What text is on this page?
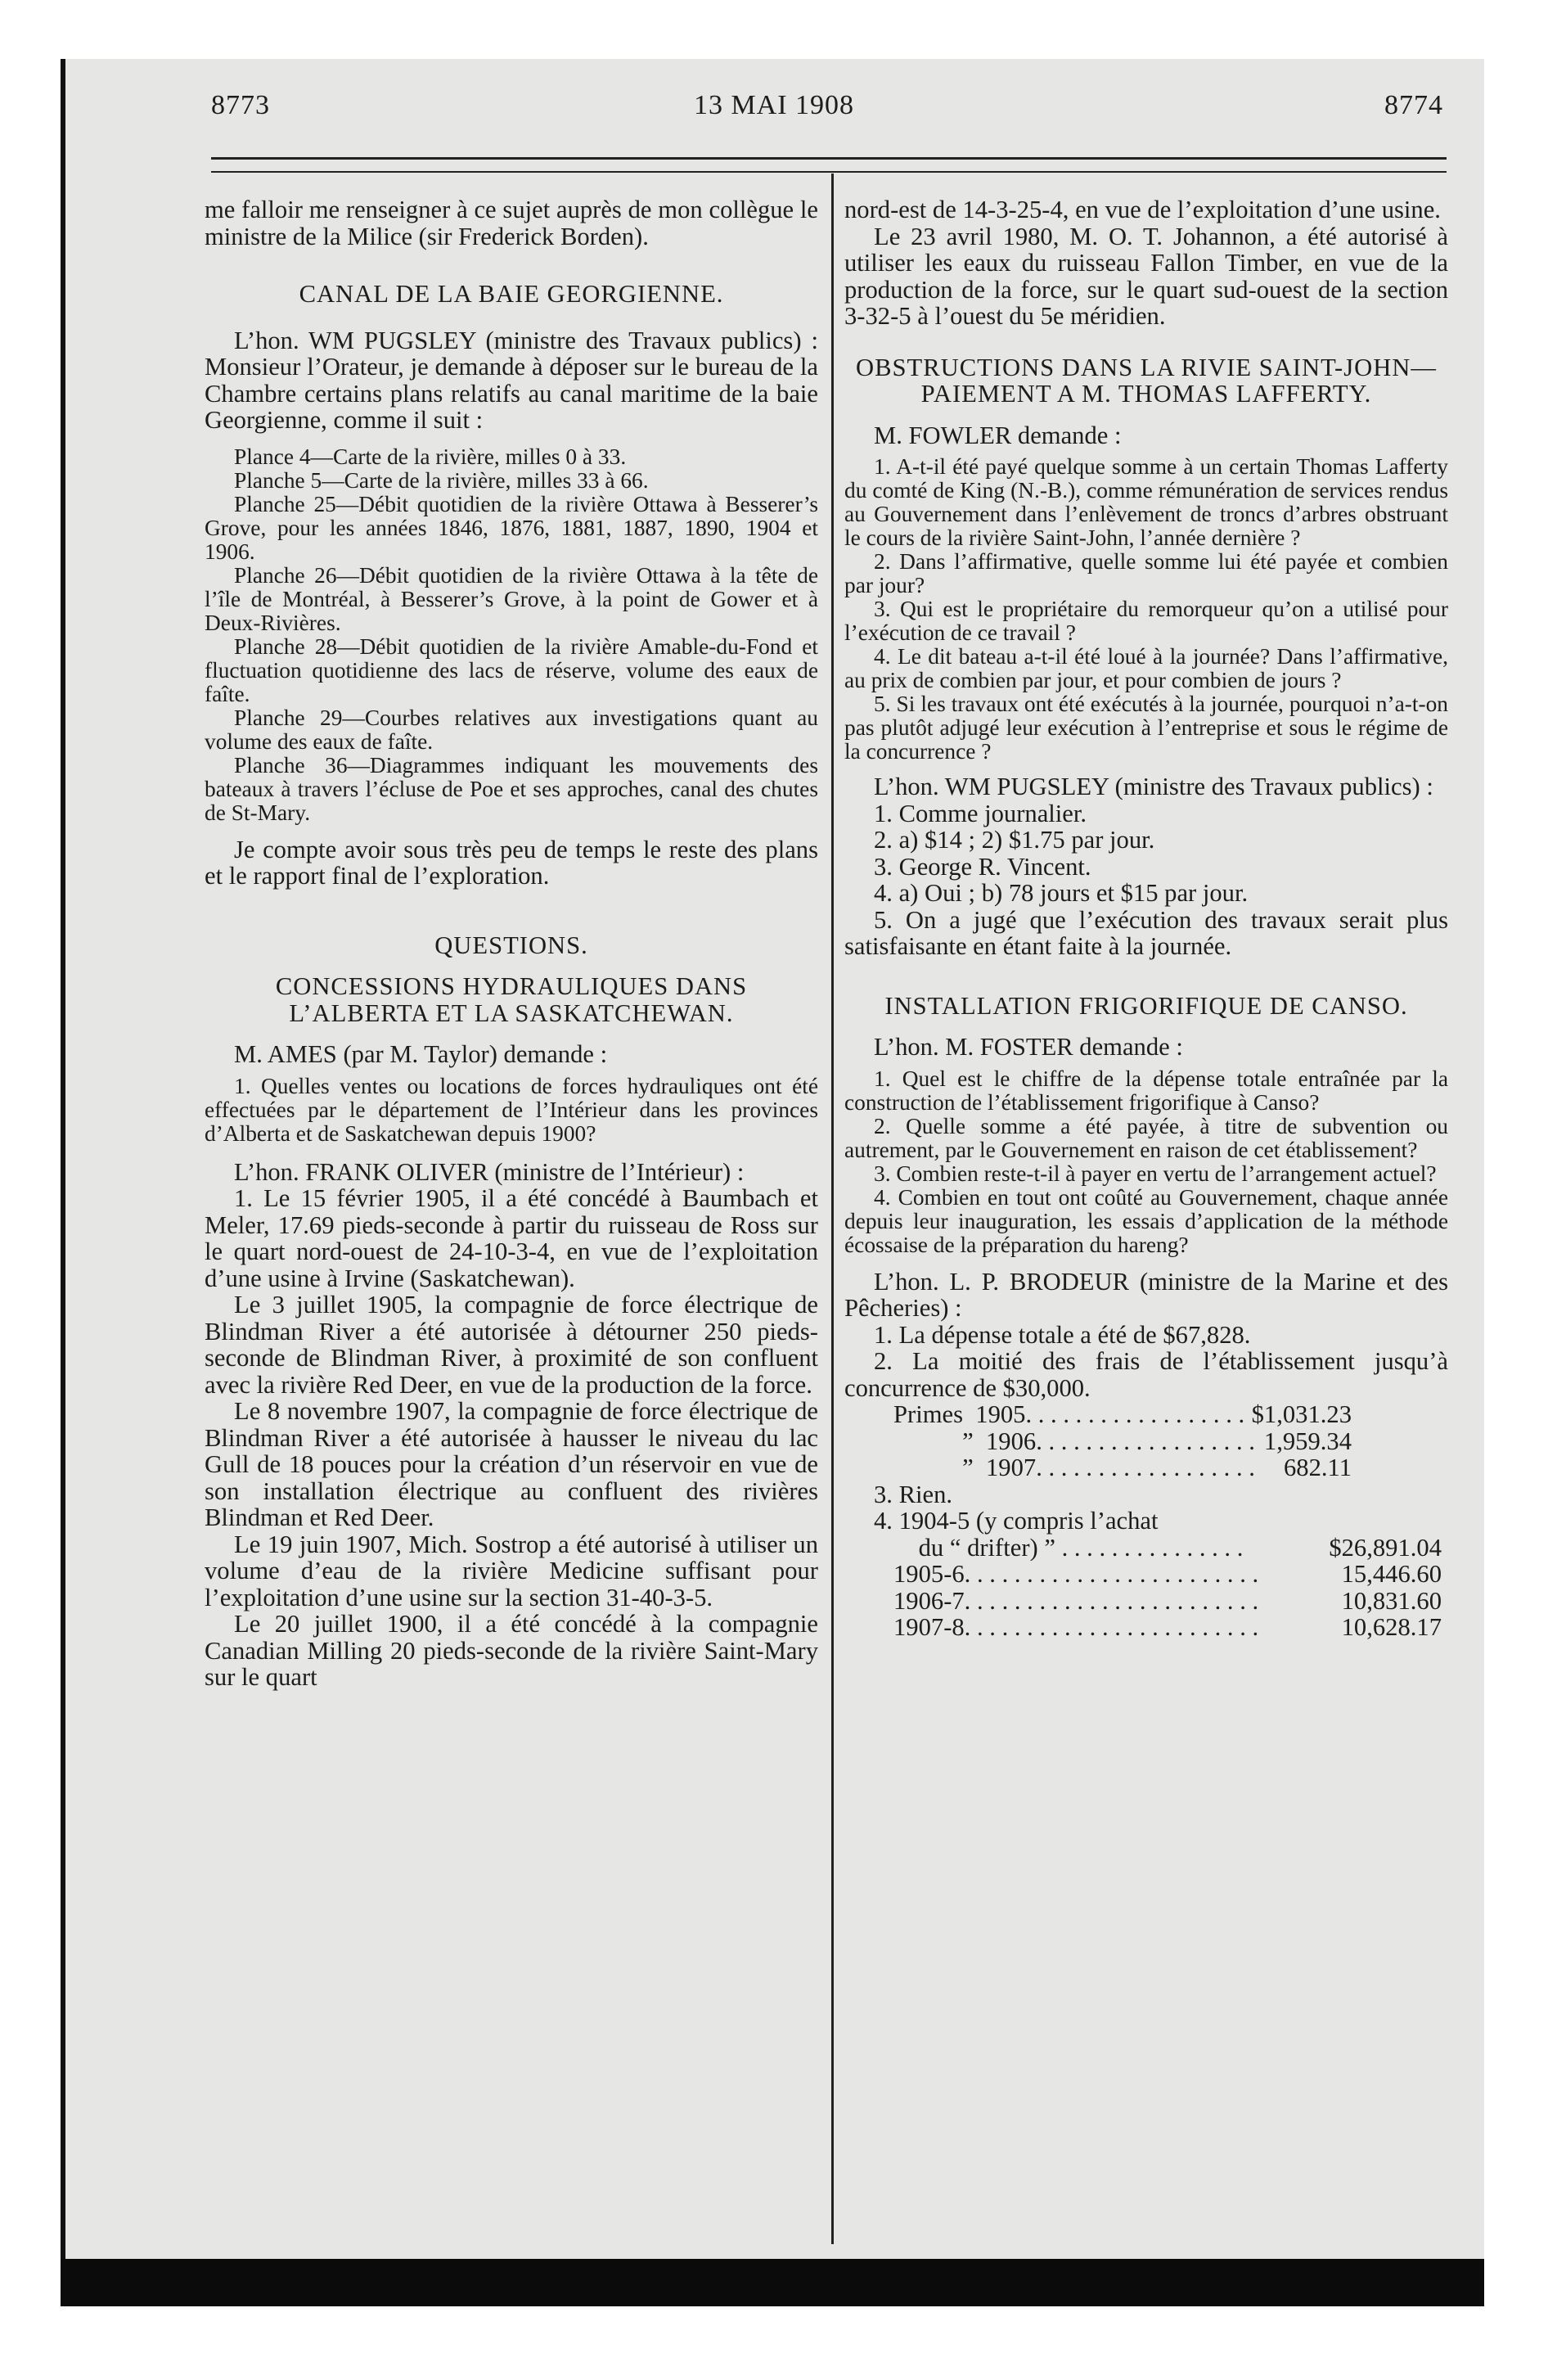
8773	13 MAI 1908	8774

me falloir me renseigner à ce sujet auprès de mon collègue le ministre de la Milice (sir Frederick Borden).

CANAL DE LA BAIE GEORGIENNE.

L’hon. WM PUGSLEY (ministre des Travaux publics) : Monsieur l’Orateur, je demande à déposer sur le bureau de la Chambre certains plans relatifs au canal maritime de la baie Georgienne, comme il suit :

Plance 4—Carte de la rivière, milles 0 à 33.

Planche 5—Carte de la rivière, milles 33 à 66.

Planche 25—Débit quotidien de la rivière Ottawa à Besserer’s Grove, pour les années 1846, 1876, 1881, 1887, 1890, 1904 et 1906.

Planche 26—Débit quotidien de la rivière Ottawa à la tête de l’île de Montréal, à Besserer’s Grove, à la point de Gower et à Deux-Rivières.

Planche 28—Débit quotidien de la rivière Amable-du-Fond et fluctuation quotidienne des lacs de réserve, volume des eaux de faîte.

Planche 29—Courbes relatives aux investigations quant au volume des eaux de faîte.

Planche 36—Diagrammes indiquant les mouvements des bateaux à travers l’écluse de Poe et ses approches, canal des chutes de St-Mary.

Je compte avoir sous très peu de temps le reste des plans et le rapport final de l’exploration.

QUESTIONS.

CONCESSIONS HYDRAULIQUES DANS L’ALBERTA ET LA SASKATCHEWAN.

M. AMES (par M. Taylor) demande :

1. Quelles ventes ou locations de forces hydrauliques ont été effectuées par le département de l’Intérieur dans les provinces d’Alberta et de Saskatchewan depuis 1900?

L’hon. FRANK OLIVER (ministre de l’Intérieur) :

1. Le 15 février 1905, il a été concédé à Baumbach et Meler, 17.69 pieds-seconde à partir du ruisseau de Ross sur le quart nord-ouest de 24-10-3-4, en vue de l’exploitation d’une usine à Irvine (Saskatchewan).

Le 3 juillet 1905, la compagnie de force électrique de Blindman River a été autorisée à détourner 250 pieds-seconde de Blindman River, à proximité de son confluent avec la rivière Red Deer, en vue de la production de la force.

Le 8 novembre 1907, la compagnie de force électrique de Blindman River a été autorisée à hausser le niveau du lac Gull de 18 pouces pour la création d’un réservoir en vue de son installation électrique au confluent des rivières Blindman et Red Deer.

Le 19 juin 1907, Mich. Sostrop a été autorisé à utiliser un volume d’eau de la rivière Medicine suffisant pour l’exploitation d’une usine sur la section 31-40-3-5.

Le 20 juillet 1900, il a été concédé à la compagnie Canadian Milling 20 pieds-seconde de la rivière Saint-Mary sur le quart

nord-est de 14-3-25-4, en vue de l’exploitation d’une usine.

Le 23 avril 1980, M. O. T. Johannon, a été autorisé à utiliser les eaux du ruisseau Fallon Timber, en vue de la production de la force, sur le quart sud-ouest de la section 3-32-5 à l’ouest du 5e méridien.

OBSTRUCTIONS DANS LA RIVIE SAINT-JOHN—PAIEMENT A M. THOMAS LAFFERTY.

M. FOWLER demande :

1. A-t-il été payé quelque somme à un certain Thomas Lafferty du comté de King (N.-B.), comme rémunération de services rendus au Gouvernement dans l’enlèvement de troncs d’arbres obstruant le cours de la rivière Saint-John, l’année dernière ?

2. Dans l’affirmative, quelle somme lui été payée et combien par jour?

3. Qui est le propriétaire du remorqueur qu’on a utilisé pour l’exécution de ce travail ?

4. Le dit bateau a-t-il été loué à la journée? Dans l’affirmative, au prix de combien par jour, et pour combien de jours ?

5. Si les travaux ont été exécutés à la journée, pourquoi n’a-t-on pas plutôt adjugé leur exécution à l’entreprise et sous le régime de la concurrence ?

L’hon. WM PUGSLEY (ministre des Travaux publics) :

1. Comme journalier.

2. a) $14 ; 2) $1.75 par jour.

3. George R. Vincent.

4. a) Oui ; b) 78 jours et $15 par jour.

5. On a jugé que l’exécution des travaux serait plus satisfaisante en étant faite à la journée.

INSTALLATION FRIGORIFIQUE DE CANSO.

L’hon. M. FOSTER demande :

1. Quel est le chiffre de la dépense totale entraînée par la construction de l’établissement frigorifique à Canso?

2. Quelle somme a été payée, à titre de subvention ou autrement, par le Gouvernement en raison de cet établissement?

3. Combien reste-t-il à payer en vertu de l’arrangement actuel?

4. Combien en tout ont coûté au Gouvernement, chaque année depuis leur inauguration, les essais d’application de la méthode écossaise de la préparation du hareng?

L’hon. L. P. BRODEUR (ministre de la Marine et des Pêcheries) :

1. La dépense totale a été de $67,828.

2. La moitié des frais de l’établissement jusqu’à concurrence de $30,000.

Primes  1905. . . . . . . . . . . . . . . . . . $1,031.23
”  1906. . . . . . . . . . . . . . . . . . 1,959.34
”  1907. . . . . . . . . . . . . . . . . .	682.11

3. Rien.

4. 1904-5 (y compris l’achat

du “ drifter) ” . . . . . . . . . . . . . . .	$26,891.04
1905-6. . . . . . . . . . . . . . . . . . . . . . . .	15,446.60
1906-7. . . . . . . . . . . . . . . . . . . . . . . .	10,831.60
1907-8. . . . . . . . . . . . . . . . . . . . . . . .	10,628.17
